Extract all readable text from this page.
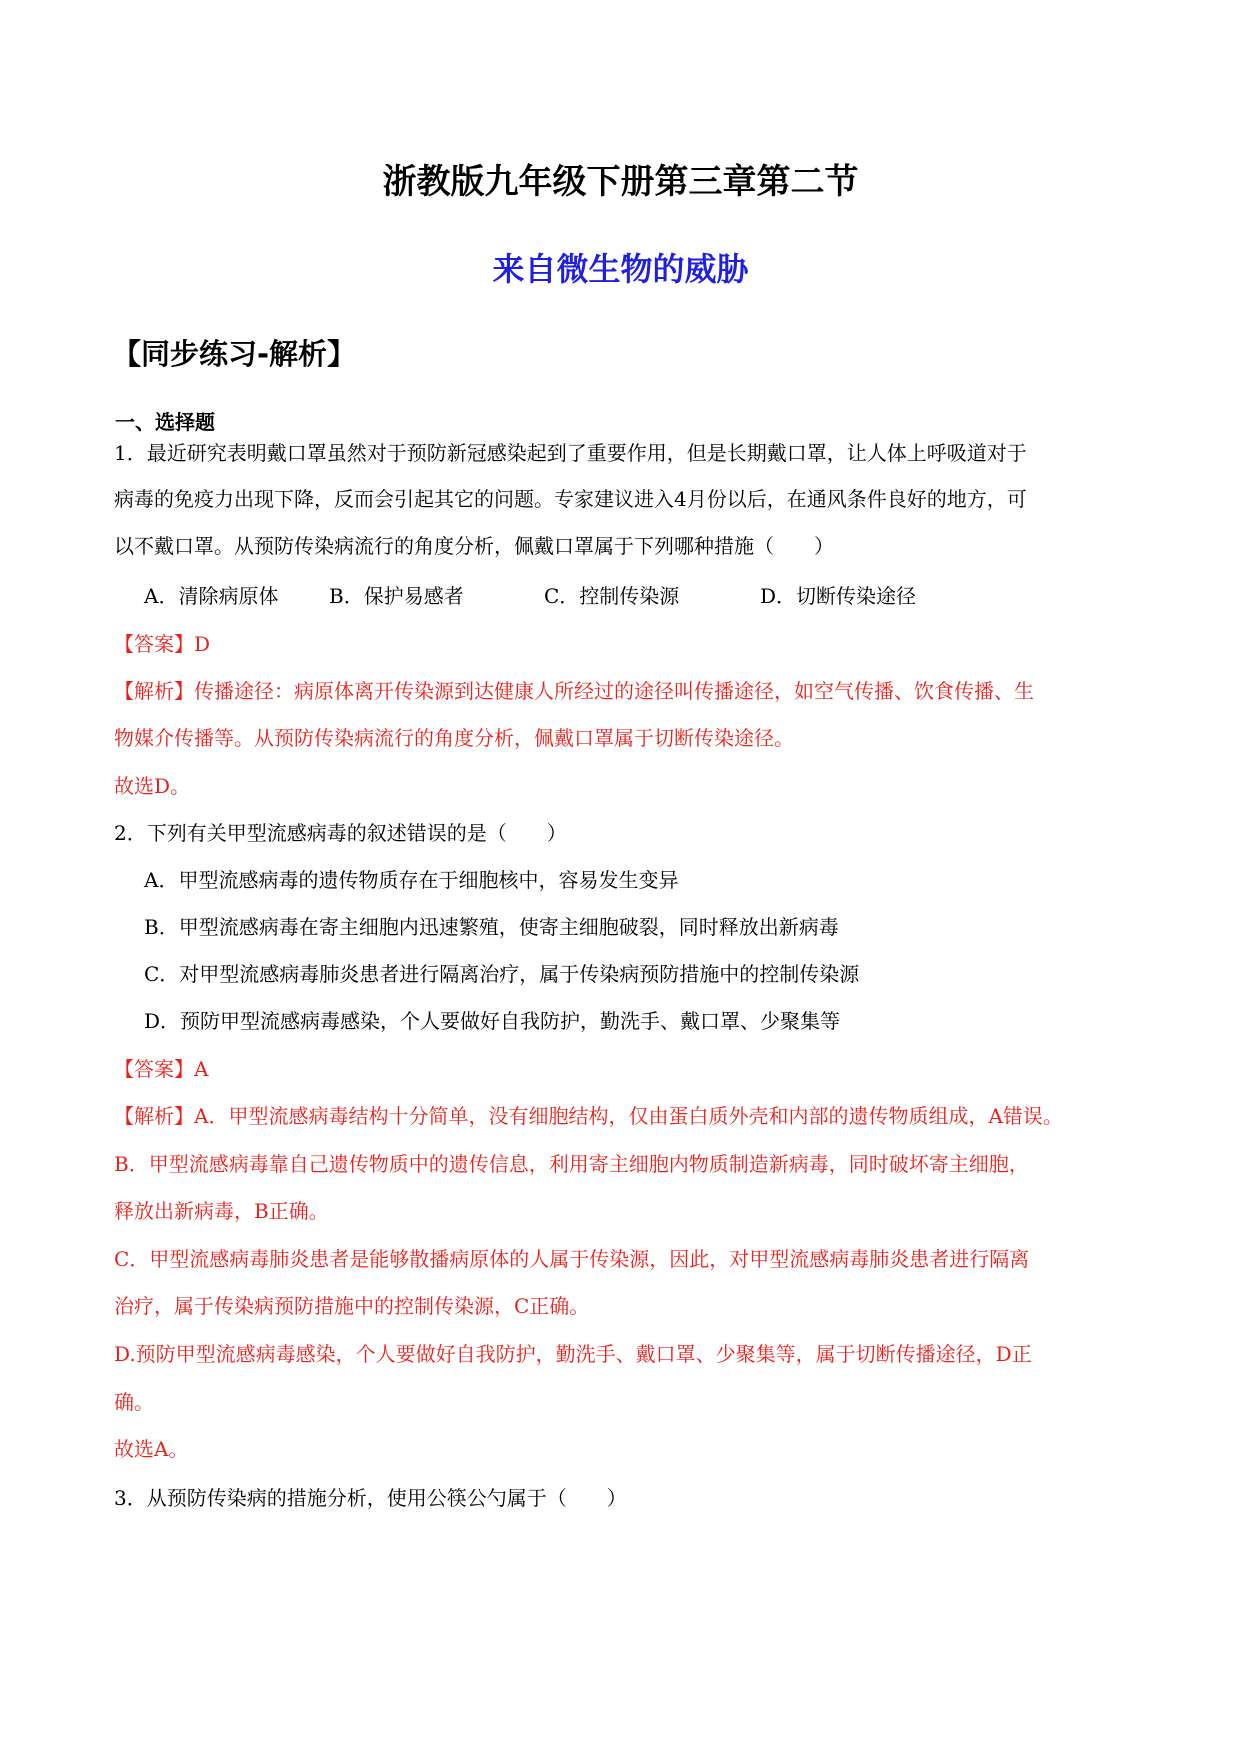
浙教版九年级下册第三章第二节
来自微生物的威胁
【同步练习-解析】
一、选择题
1．最近研究表明戴口罩虽然对于预防新冠感染起到了重要作用，但是长期戴口罩，让人体上呼吸道对于
病毒的免疫力出现下降，反而会引起其它的问题。专家建议进入4月份以后，在通风条件良好的地方，可
以不戴口罩。从预防传染病流行的角度分析，佩戴口罩属于下列哪种措施（　　）
A．清除病原体	B．保护易感者	C．控制传染源	D．切断传染途径
【答案】D
【解析】传播途径：病原体离开传染源到达健康人所经过的途径叫传播途径，如空气传播、饮食传播、生
物媒介传播等。从预防传染病流行的角度分析，佩戴口罩属于切断传染途径。
故选D。
2．下列有关甲型流感病毒的叙述错误的是（　　）
A．甲型流感病毒的遗传物质存在于细胞核中，容易发生变异
B．甲型流感病毒在寄主细胞内迅速繁殖，使寄主细胞破裂，同时释放出新病毒
C．对甲型流感病毒肺炎患者进行隔离治疗，属于传染病预防措施中的控制传染源
D．预防甲型流感病毒感染，个人要做好自我防护，勤洗手、戴口罩、少聚集等
【答案】A
【解析】A．甲型流感病毒结构十分简单，没有细胞结构，仅由蛋白质外壳和内部的遗传物质组成，A错误。
B．甲型流感病毒靠自己遗传物质中的遗传信息，利用寄主细胞内物质制造新病毒，同时破坏寄主细胞，
释放出新病毒，B正确。
C．甲型流感病毒肺炎患者是能够散播病原体的人属于传染源，因此，对甲型流感病毒肺炎患者进行隔离
治疗，属于传染病预防措施中的控制传染源，C正确。
D.预防甲型流感病毒感染，个人要做好自我防护，勤洗手、戴口罩、少聚集等，属于切断传播途径，D正
确。
故选A。
3．从预防传染病的措施分析，使用公筷公勺属于（　　）
